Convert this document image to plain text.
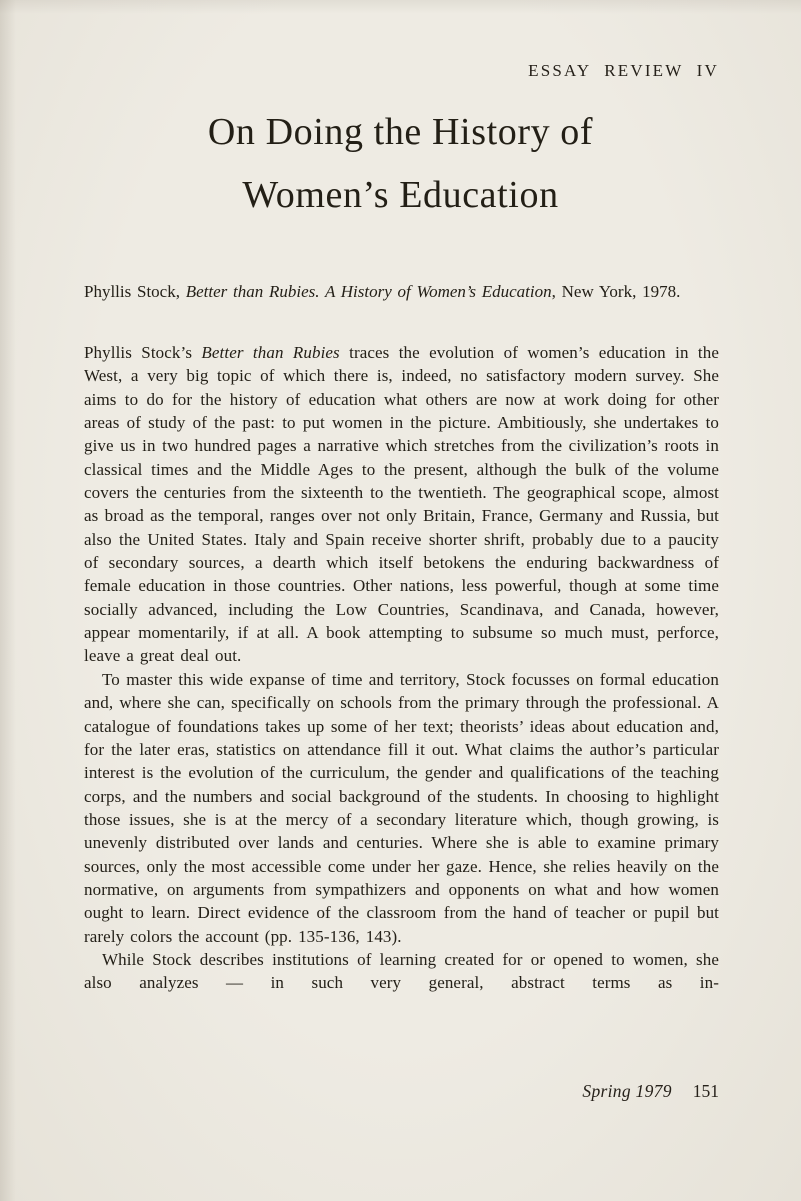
ESSAY REVIEW IV
On Doing the History of
Women’s Education

Phyllis Stock, Better than Rubies. A History of Women’s Education, New York, 1978.

Phyllis Stock’s Better than Rubies traces the evolution of women’s education in the West, a very big topic of which there is, indeed, no satisfactory modern survey. She aims to do for the history of education what others are now at work doing for other areas of study of the past: to put women in the picture. Ambitiously, she undertakes to give us in two hundred pages a narrative which stretches from the civilization’s roots in classical times and the Middle Ages to the present, although the bulk of the volume covers the centuries from the sixteenth to the twentieth. The geographical scope, almost as broad as the temporal, ranges over not only Britain, France, Germany and Russia, but also the United States. Italy and Spain receive shorter shrift, probably due to a paucity of secondary sources, a dearth which itself betokens the enduring backwardness of female education in those countries. Other nations, less powerful, though at some time socially advanced, including the Low Countries, Scandinava, and Canada, however, appear momentarily, if at all. A book attempting to subsume so much must, perforce, leave a great deal out.

To master this wide expanse of time and territory, Stock focusses on formal education and, where she can, specifically on schools from the primary through the professional. A catalogue of foundations takes up some of her text; theorists’ ideas about education and, for the later eras, statistics on attendance fill it out. What claims the author’s particular interest is the evolution of the curriculum, the gender and qualifications of the teaching corps, and the numbers and social background of the students. In choosing to highlight those issues, she is at the mercy of a secondary literature which, though growing, is unevenly distributed over lands and centuries. Where she is able to examine primary sources, only the most accessible come under her gaze. Hence, she relies heavily on the normative, on arguments from sympathizers and opponents on what and how women ought to learn. Direct evidence of the classroom from the hand of teacher or pupil but rarely colors the account (pp. 135-136, 143).

While Stock describes institutions of learning created for or opened to women, she also analyzes — in such very general, abstract terms as in-

Spring 1979 151
